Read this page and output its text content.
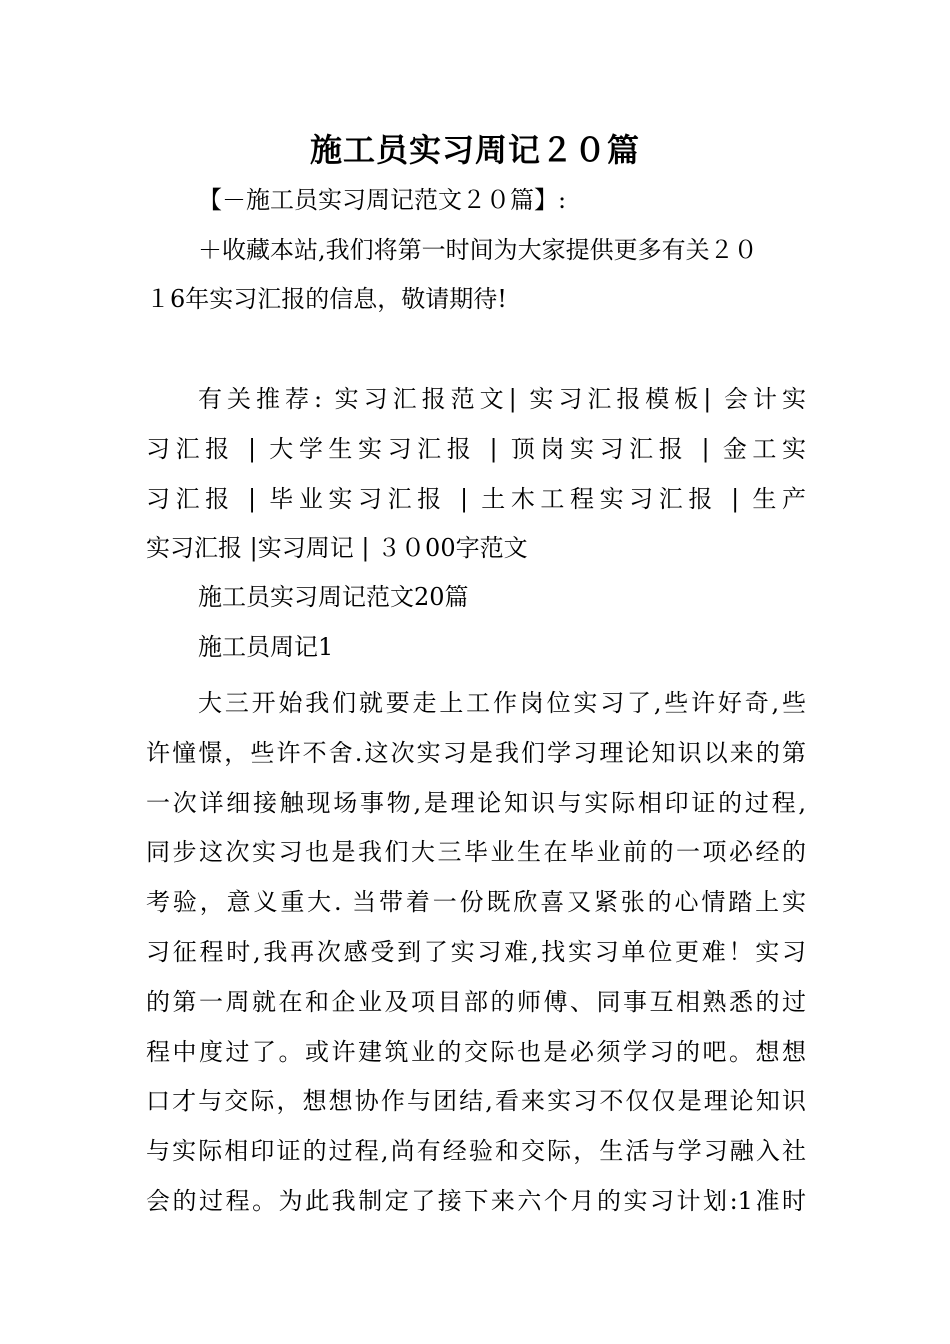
施工员实习周记２０篇
【－施工员实习周记范文２０篇】:
＋收藏本站,我们将第一时间为大家提供更多有关２０
１6年实习汇报的信息，敬请期待!
有关推荐: 实习汇报范文| 实习汇报模板| 会计实
习汇报 | 大学生实习汇报 | 顶岗实习汇报 | 金工实
习汇报 | 毕业实习汇报 | 土木工程实习汇报 | 生产
实习汇报 |实习周记 | ３０00字范文
施工员实习周记范文20篇
施工员周记1
大三开始我们就要走上工作岗位实习了,些许好奇,些
许憧憬，些许不舍.这次实习是我们学习理论知识以来的第
一次详细接触现场事物,是理论知识与实际相印证的过程,
同步这次实习也是我们大三毕业生在毕业前的一项必经的
考验，意义重大. 当带着一份既欣喜又紧张的心情踏上实
习征程时,我再次感受到了实习难,找实习单位更难！实习
的第一周就在和企业及项目部的师傅、同事互相熟悉的过
程中度过了。或许建筑业的交际也是必须学习的吧。想想
口才与交际，想想协作与团结,看来实习不仅仅是理论知识
与实际相印证的过程,尚有经验和交际，生活与学习融入社
会的过程。为此我制定了接下来六个月的实习计划:1准时
